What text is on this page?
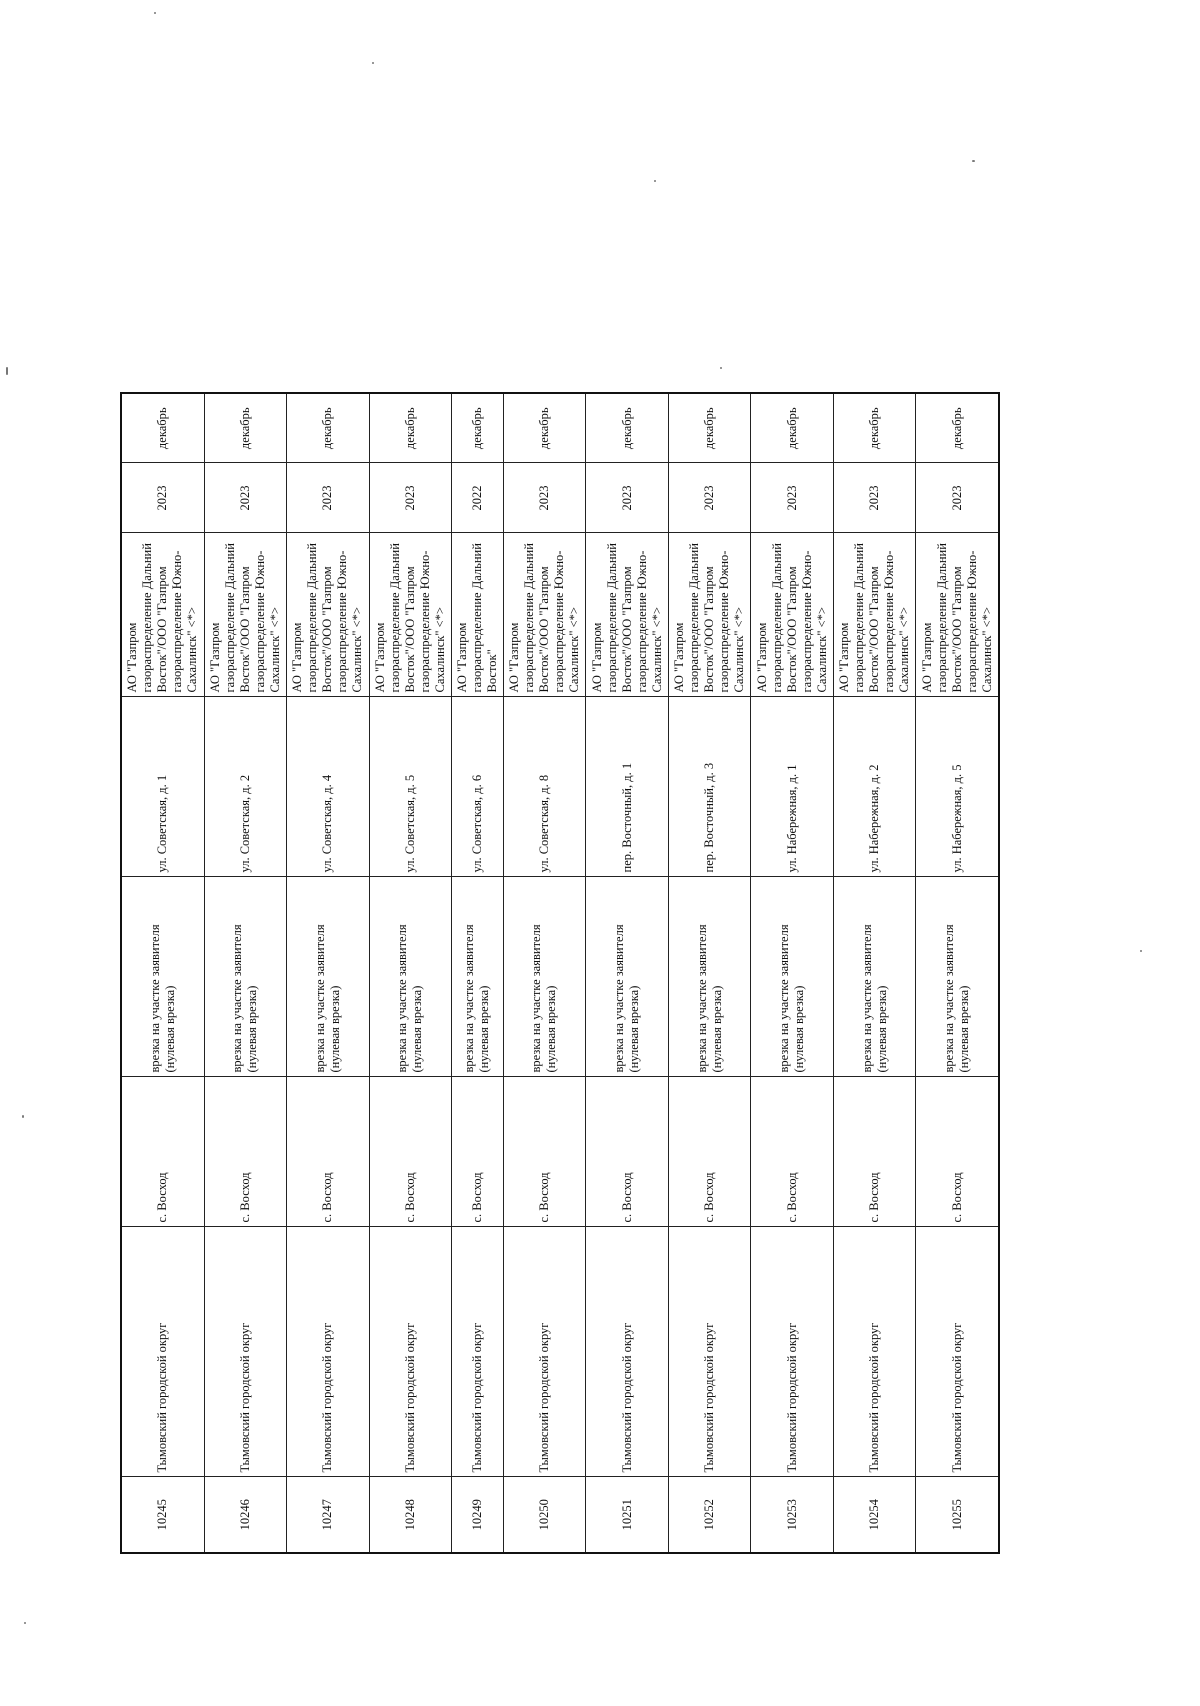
10245	Тымовский городской округ	с. Восход	врезка на участке заявителя (нулевая врезка)	ул. Советская, д. 1	АО "Газпром газораспределение Дальний Восток"/ООО "Газпром газораспределение Южно-Сахалинск" <*>	2023	декабрь
10246	Тымовский городской округ	с. Восход	врезка на участке заявителя (нулевая врезка)	ул. Советская, д. 2	АО "Газпром газораспределение Дальний Восток"/ООО "Газпром газораспределение Южно-Сахалинск" <*>	2023	декабрь
10247	Тымовский городской округ	с. Восход	врезка на участке заявителя (нулевая врезка)	ул. Советская, д. 4	АО "Газпром газораспределение Дальний Восток"/ООО "Газпром газораспределение Южно-Сахалинск" <*>	2023	декабрь
10248	Тымовский городской округ	с. Восход	врезка на участке заявителя (нулевая врезка)	ул. Советская, д. 5	АО "Газпром газораспределение Дальний Восток"/ООО "Газпром газораспределение Южно-Сахалинск" <*>	2023	декабрь
10249	Тымовский городской округ	с. Восход	врезка на участке заявителя (нулевая врезка)	ул. Советская, д. 6	АО "Газпром газораспределение Дальний Восток"	2022	декабрь
10250	Тымовский городской округ	с. Восход	врезка на участке заявителя (нулевая врезка)	ул. Советская, д. 8	АО "Газпром газораспределение Дальний Восток"/ООО "Газпром газораспределение Южно-Сахалинск" <*>	2023	декабрь
10251	Тымовский городской округ	с. Восход	врезка на участке заявителя (нулевая врезка)	пер. Восточный, д. 1	АО "Газпром газораспределение Дальний Восток"/ООО "Газпром газораспределение Южно-Сахалинск" <*>	2023	декабрь
10252	Тымовский городской округ	с. Восход	врезка на участке заявителя (нулевая врезка)	пер. Восточный, д. 3	АО "Газпром газораспределение Дальний Восток"/ООО "Газпром газораспределение Южно-Сахалинск" <*>	2023	декабрь
10253	Тымовский городской округ	с. Восход	врезка на участке заявителя (нулевая врезка)	ул. Набережная, д. 1	АО "Газпром газораспределение Дальний Восток"/ООО "Газпром газораспределение Южно-Сахалинск" <*>	2023	декабрь
10254	Тымовский городской округ	с. Восход	врезка на участке заявителя (нулевая врезка)	ул. Набережная, д. 2	АО "Газпром газораспределение Дальний Восток"/ООО "Газпром газораспределение Южно-Сахалинск" <*>	2023	декабрь
10255	Тымовский городской округ	с. Восход	врезка на участке заявителя (нулевая врезка)	ул. Набережная, д. 5	АО "Газпром газораспределение Дальний Восток"/ООО "Газпром газораспределение Южно-Сахалинск" <*>	2023	декабрь
